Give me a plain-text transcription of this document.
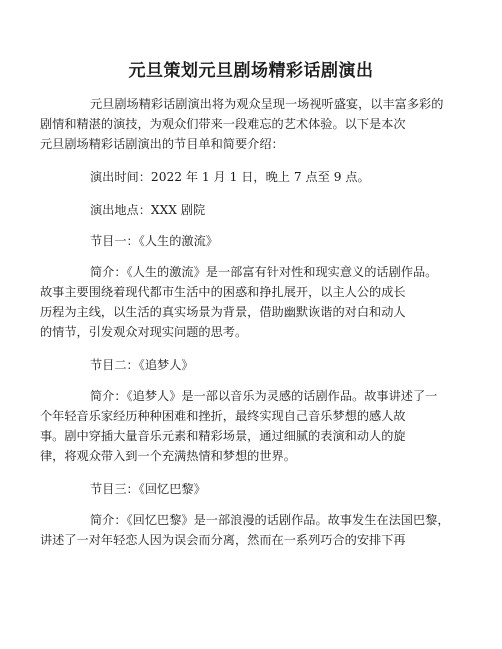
元旦策划元旦剧场精彩话剧演出
元旦剧场精彩话剧演出将为观众呈现一场视听盛宴，以丰富多彩的
剧情和精湛的演技，为观众们带来一段难忘的艺术体验。以下是本次
元旦剧场精彩话剧演出的节目单和简要介绍：
演出时间：2022 年 1 月 1 日，晚上 7 点至 9 点。
演出地点：XXX 剧院
节目一：《人生的激流》
简介：《人生的激流》是一部富有针对性和现实意义的话剧作品。
故事主要围绕着现代都市生活中的困惑和挣扎展开，以主人公的成长
历程为主线，以生活的真实场景为背景，借助幽默诙谐的对白和动人
的情节，引发观众对现实问题的思考。
节目二：《追梦人》
简介：《追梦人》是一部以音乐为灵感的话剧作品。故事讲述了一
个年轻音乐家经历种种困难和挫折，最终实现自己音乐梦想的感人故
事。剧中穿插大量音乐元素和精彩场景，通过细腻的表演和动人的旋
律，将观众带入到一个充满热情和梦想的世界。
节目三：《回忆巴黎》
简介：《回忆巴黎》是一部浪漫的话剧作品。故事发生在法国巴黎，
讲述了一对年轻恋人因为误会而分离，然而在一系列巧合的安排下再
